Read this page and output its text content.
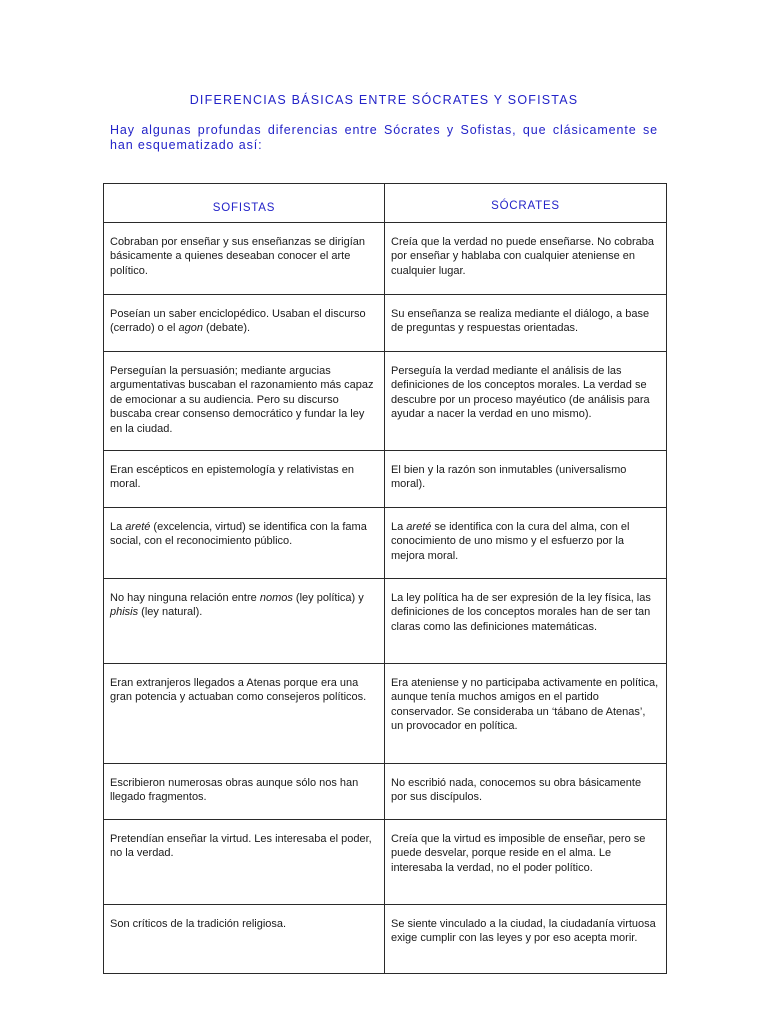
DIFERENCIAS BÁSICAS ENTRE SÓCRATES Y SOFISTAS

Hay algunas profundas diferencias entre Sócrates y Sofistas, que clásicamente se han esquematizado así:

SOFISTAS	SÓCRATES
Cobraban por enseñar y sus enseñanzas se dirigían básicamente a quienes deseaban conocer el arte político.	Creía que la verdad no puede enseñarse. No cobraba por enseñar y hablaba con cualquier ateniense en cualquier lugar.
Poseían un saber enciclopédico. Usaban el discurso (cerrado) o el agon (debate).	Su enseñanza se realiza mediante el diálogo, a base de preguntas y respuestas orientadas.
Perseguían la persuasión; mediante argucias argumentativas buscaban el razonamiento más capaz de emocionar a su audiencia. Pero su discurso buscaba crear consenso democrático y fundar la ley en la ciudad.	Perseguía la verdad mediante el análisis de las definiciones de los conceptos morales. La verdad se descubre por un proceso mayéutico (de análisis para ayudar a nacer la verdad en uno mismo).
Eran escépticos en epistemología y relativistas en moral.	El bien y la razón son inmutables (universalismo moral).
La areté (excelencia, virtud) se identifica con la fama social, con el reconocimiento público.	La areté se identifica con la cura del alma, con el conocimiento de uno mismo y el esfuerzo por la mejora moral.
No hay ninguna relación entre nomos (ley política) y phisis (ley natural).	La ley política ha de ser expresión de la ley física, las definiciones de los conceptos morales han de ser tan claras como las definiciones matemáticas.
Eran extranjeros llegados a Atenas porque era una gran potencia y actuaban como consejeros políticos.	Era ateniense y no participaba activamente en política, aunque tenía muchos amigos en el partido conservador. Se consideraba un ‘tábano de Atenas’, un provocador en política.
Escribieron numerosas obras aunque sólo nos han llegado fragmentos.	No escribió nada, conocemos su obra básicamente por sus discípulos.
Pretendían enseñar la virtud. Les interesaba el poder, no la verdad.	Creía que la virtud es imposible de enseñar, pero se puede desvelar, porque reside en el alma. Le interesaba la verdad, no el poder político.
Son críticos de la tradición religiosa.	Se siente vinculado a la ciudad, la ciudadanía virtuosa exige cumplir con las leyes y por eso acepta morir.
